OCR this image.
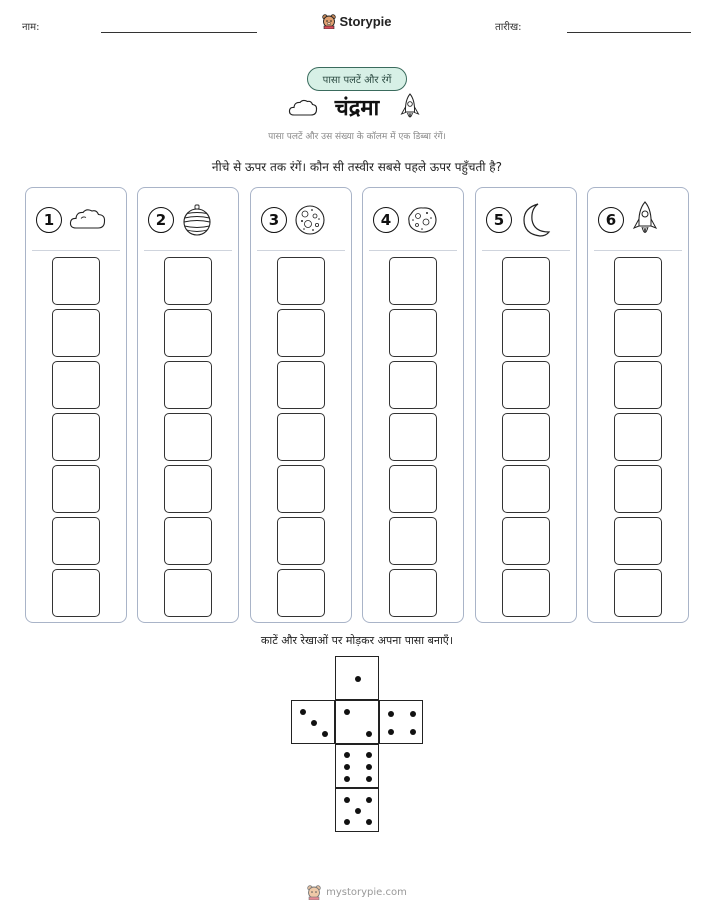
नाम:	तारीख:
Storypie
पासा पलटें और रंगें
चंद्रमा
पासा पलटें और उस संख्या के कॉलम में एक डिब्बा रंगें।
नीचे से ऊपर तक रंगें। कौन सी तस्वीर सबसे पहले ऊपर पहुँचती है?
1	2	3	4	5	6
काटें और रेखाओं पर मोड़कर अपना पासा बनाएँ।
mystorypie.com
